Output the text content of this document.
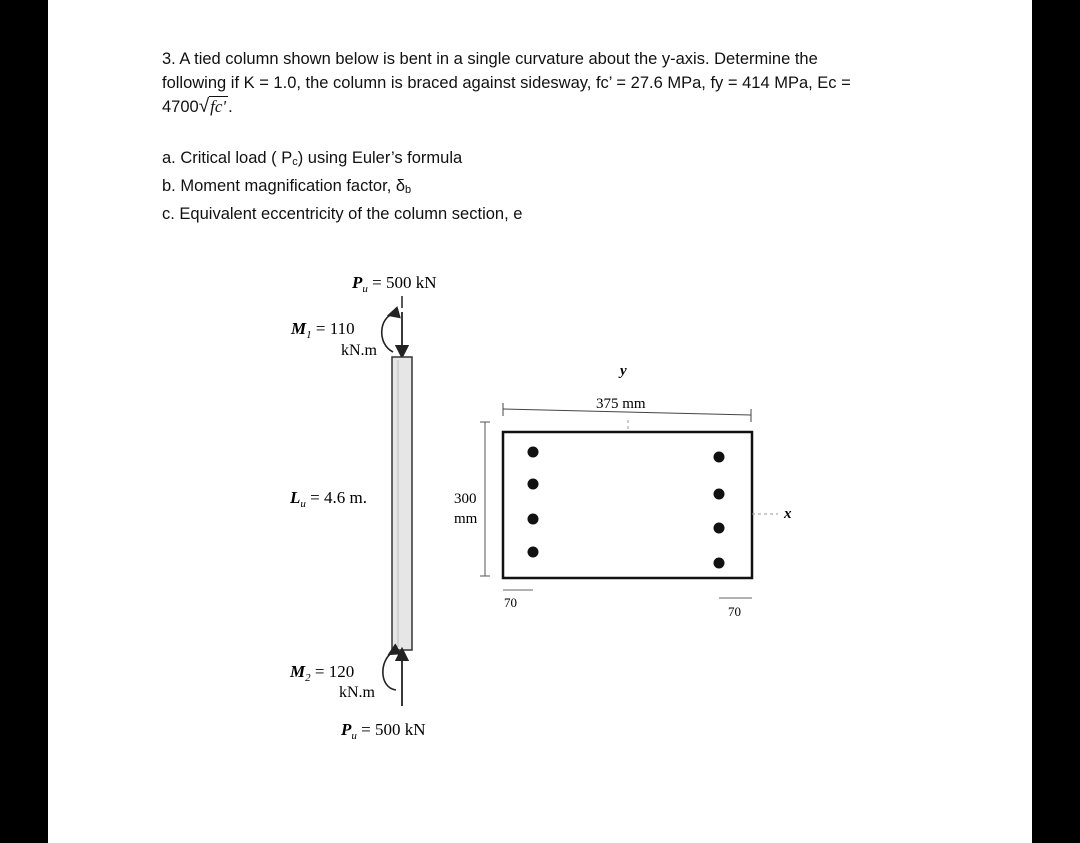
3. A tied column shown below is bent in a single curvature about the y-axis. Determine the

following if K = 1.0, the column is braced against sidesway, fc’ = 27.6 MPa, fy = 414 MPa, Ec =

4700√fc' .

a. Critical load ( Pc) using Euler’s formula

b. Moment magnification factor, δb

c. Equivalent eccentricity of the column section, e

$P_u = 500$ kN
$M_1 = 110$
kN.m
$L_u = 4.6$ m.
$M_2 = 120$
kN.m
$P_u = 500$ kN
y
375 mm
300
mm	x
70
70
